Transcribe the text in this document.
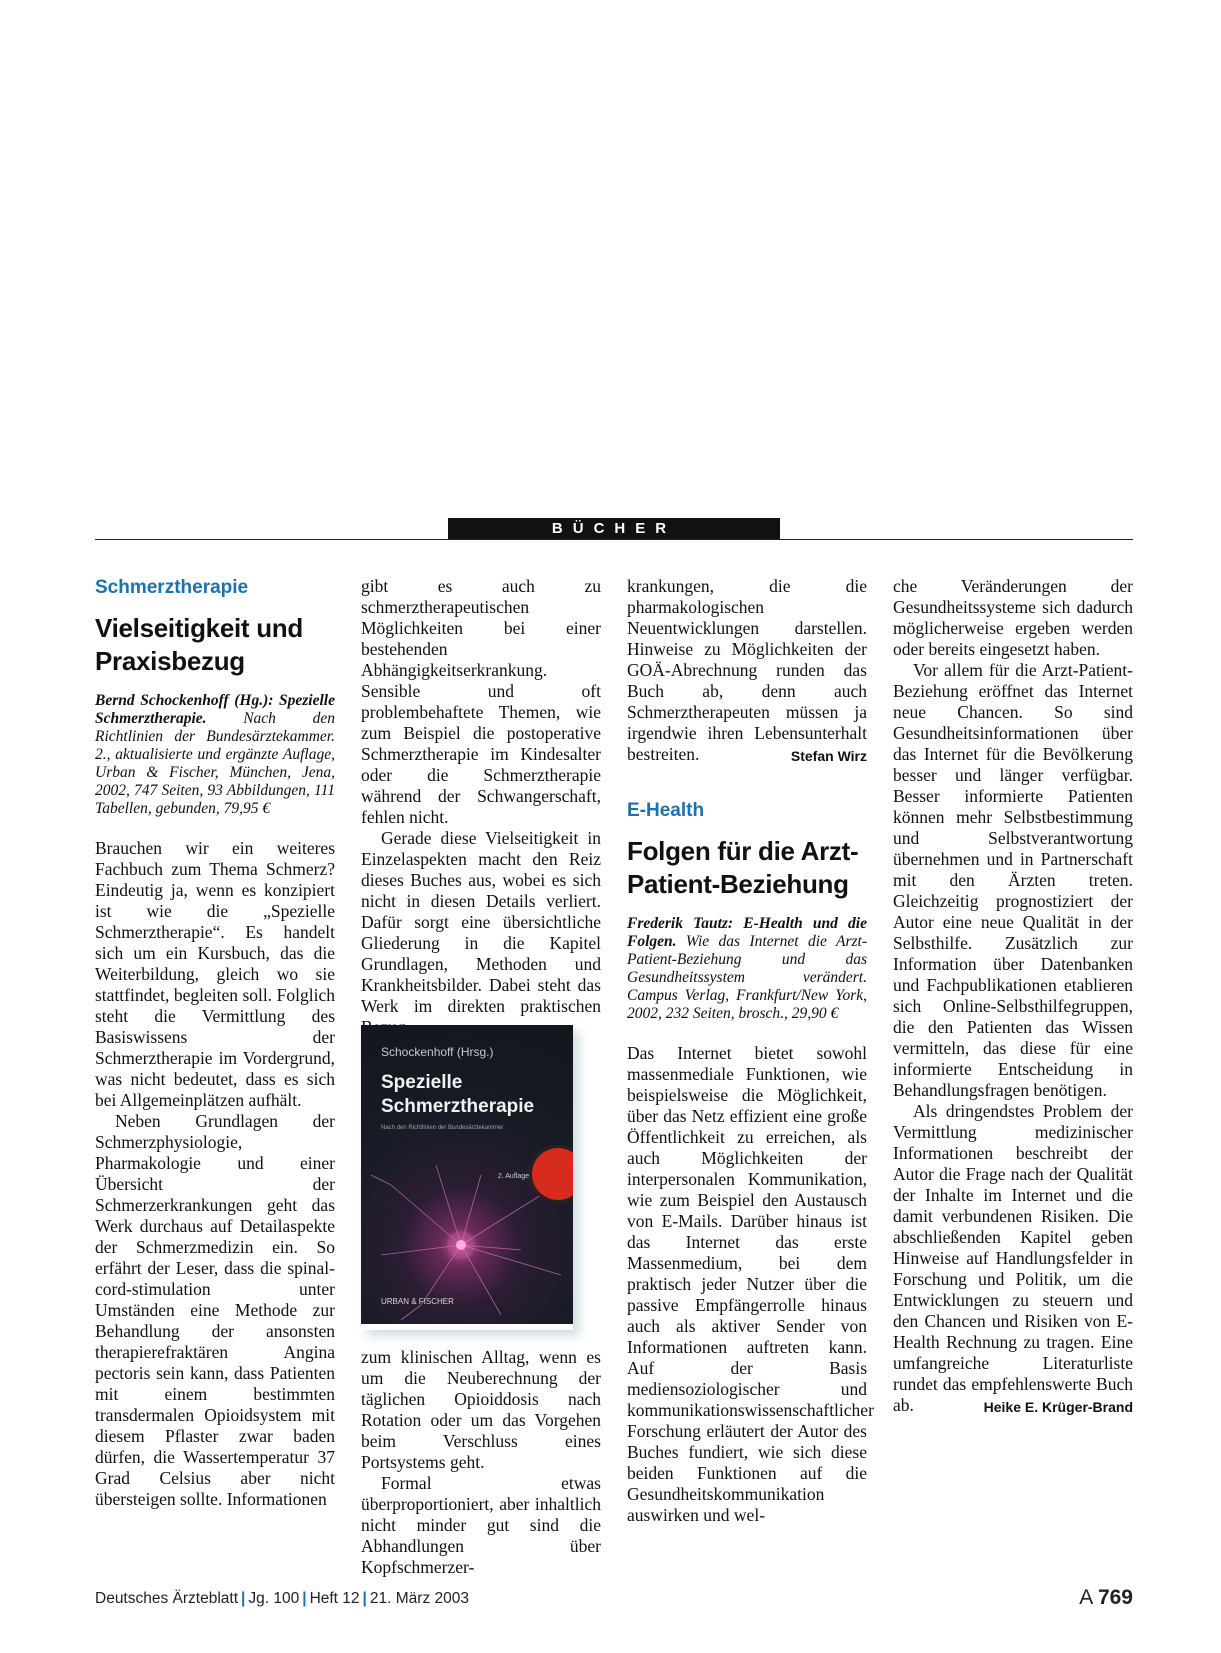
BÜCHER
Schmerztherapie
Vielseitigkeit und Praxisbezug
Bernd Schockenhoff (Hg.): Spezielle Schmerztherapie. Nach den Richtlinien der Bundesärztekammer. 2., aktualisierte und ergänzte Auflage, Urban & Fischer, München, Jena, 2002, 747 Seiten, 93 Abbildungen, 111 Tabellen, gebunden, 79,95 €

Brauchen wir ein weiteres Fachbuch zum Thema Schmerz? Eindeutig ja, wenn es konzipiert ist wie die „Spezielle Schmerztherapie“. Es handelt sich um ein Kursbuch, das die Weiterbildung, gleich wo sie stattfindet, begleiten soll. Folglich steht die Vermittlung des Basiswissens der Schmerztherapie im Vordergrund, was nicht bedeutet, dass es sich bei Allgemeinplätzen aufhält.

Neben Grundlagen der Schmerzphysiologie, Pharmakologie und einer Übersicht der Schmerzerkrankungen geht das Werk durchaus auf Detailaspekte der Schmerzmedizin ein. So erfährt der Leser, dass die spinal-cord-stimulation unter Umständen eine Methode zur Behandlung der ansonsten therapierefraktären Angina pectoris sein kann, dass Patienten mit einem bestimmten transdermalen Opioidsystem mit diesem Pflaster zwar baden dürfen, die Wassertemperatur 37 Grad Celsius aber nicht übersteigen sollte. Informationen

gibt es auch zu schmerztherapeutischen Möglichkeiten bei einer bestehenden Abhängigkeitserkrankung. Sensible und oft problembehaftete Themen, wie zum Beispiel die postoperative Schmerztherapie im Kindesalter oder die Schmerztherapie während der Schwangerschaft, fehlen nicht.

Gerade diese Vielseitigkeit in Einzelaspekten macht den Reiz dieses Buches aus, wobei es sich nicht in diesen Details verliert. Dafür sorgt eine übersichtliche Gliederung in die Kapitel Grundlagen, Methoden und Krankheitsbilder. Dabei steht das Werk im direkten praktischen

Schockenhoff (Hrsg.)
Spezielle
Schmerztherapie
Nach den Richtlinien der Bundesärztekammer
2. Auflage
URBAN & FISCHER

zum klinischen Alltag, wenn es um die Neuberechnung der täglichen Opioiddosis nach Rotation oder um das Vorgehen beim Verschluss eines Portsystems geht.

Formal etwas überproportioniert, aber inhaltlich nicht minder gut sind die Abhandlungen über Kopfschmerzer-

krankungen, die die pharmakologischen Neuentwicklungen darstellen. Hinweise zu Möglichkeiten der GOÄ-Abrechnung runden das Buch ab, denn auch Schmerztherapeuten müssen ja irgendwie ihren Lebensunterhalt bestreiten.	Stefan Wirz

E-Health
Folgen für die Arzt-Patient-Beziehung
Frederik Tautz: E-Health und die Folgen. Wie das Internet die Arzt-Patient-Beziehung und das Gesundheitssystem verändert. Campus Verlag, Frankfurt/New York, 2002, 232 Seiten, brosch., 29,90 €

Das Internet bietet sowohl massenmediale Funktionen, wie beispielsweise die Möglichkeit, über das Netz effizient eine große Öffentlichkeit zu erreichen, als auch Möglichkeiten der interpersonalen Kommunikation, wie zum Beispiel den Austausch von E-Mails. Darüber hinaus ist das Internet das erste Massenmedium, bei dem praktisch jeder Nutzer über die passive Empfängerrolle hinaus auch als aktiver Sender von Informationen auftreten kann. Auf der Basis mediensoziologischer und kommunikationswissenschaftlicher Forschung erläutert der Autor des Buches fundiert, wie sich diese beiden Funktionen auf die Gesundheitskommunikation auswirken und wel-

che Veränderungen der Gesundheitssysteme sich dadurch möglicherweise ergeben werden oder bereits eingesetzt haben.

Vor allem für die Arzt-Patient-Beziehung eröffnet das Internet neue Chancen. So sind Gesundheitsinformationen über das Internet für die Bevölkerung besser und länger verfügbar. Besser informierte Patienten können mehr Selbstbestimmung und Selbstverantwortung übernehmen und in Partnerschaft mit den Ärzten treten. Gleichzeitig prognostiziert der Autor eine neue Qualität in der Selbsthilfe. Zusätzlich zur Information über Datenbanken und Fachpublikationen etablieren sich Online-Selbsthilfegruppen, die den Patienten das Wissen vermitteln, das diese für eine informierte Entscheidung in Behandlungsfragen benötigen.

Als dringendstes Problem der Vermittlung medizinischer Informationen beschreibt der Autor die Frage nach der Qualität der Inhalte im Internet und die damit verbundenen Risiken. Die abschließenden Kapitel geben Hinweise auf Handlungsfelder in Forschung und Politik, um die Entwicklungen zu steuern und den Chancen und Risiken von E-Health Rechnung zu tragen. Eine umfangreiche Literaturliste rundet das empfehlenswerte Buch ab.	Heike E. Krüger-Brand

Deutsches Ärzteblatt | Jg. 100 | Heft 12 | 21. März 2003	A 769
